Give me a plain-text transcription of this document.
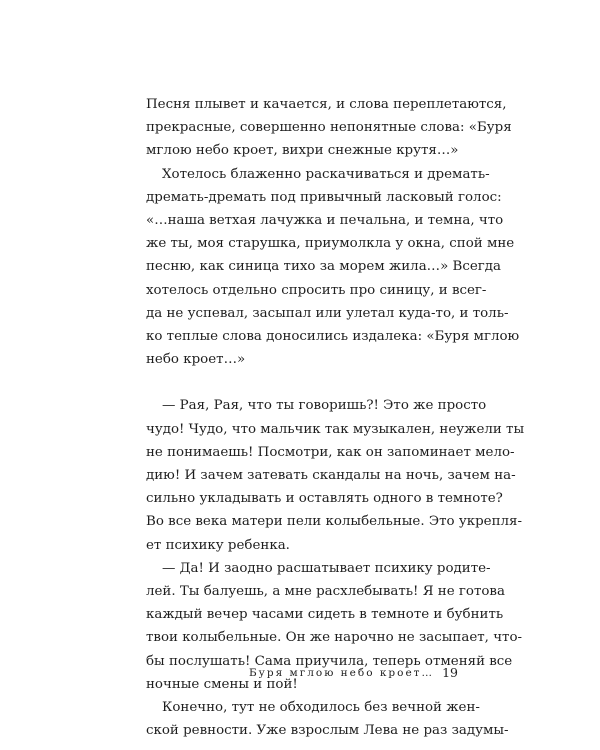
Песня плывет и качается, и слова переплетаются,
прекрасные, совершенно непонятные слова: «Буря
мглою небо кроет, вихри снежные крутя…»
Хотелось блаженно раскачиваться и дремать-
дремать-дремать под привычный ласковый голос:
«…наша ветхая лачужка и печальна, и темна, что
же ты, моя старушка, приумолкла у окна, спой мне
песню, как синица тихо за морем жила…» Всегда
хотелось отдельно спросить про синицу, и всег-
да не успевал, засыпал или улетал куда-то, и толь-
ко теплые слова доносились издалека: «Буря мглою
небо кроет…»
— Рая, Рая, что ты говоришь?! Это же просто
чудо! Чудо, что мальчик так музыкален, неужели ты
не понимаешь! Посмотри, как он запоминает мело-
дию! И зачем затевать скандалы на ночь, зачем на-
сильно укладывать и оставлять одного в темноте?
Во все века матери пели колыбельные. Это укрепля-
ет психику ребенка.
— Да! И заодно расшатывает психику родите-
лей. Ты балуешь, а мне расхлебывать! Я не готова
каждый вечер часами сидеть в темноте и бубнить
твои колыбельные. Он же нарочно не засыпает, что-
бы послушать! Сама приучила, теперь отменяй все
ночные смены и пой!
Конечно, тут не обходилось без вечной жен-
ской ревности. Уже взрослым Лева не раз задумы-
Буря мглою небо кроет… 19
